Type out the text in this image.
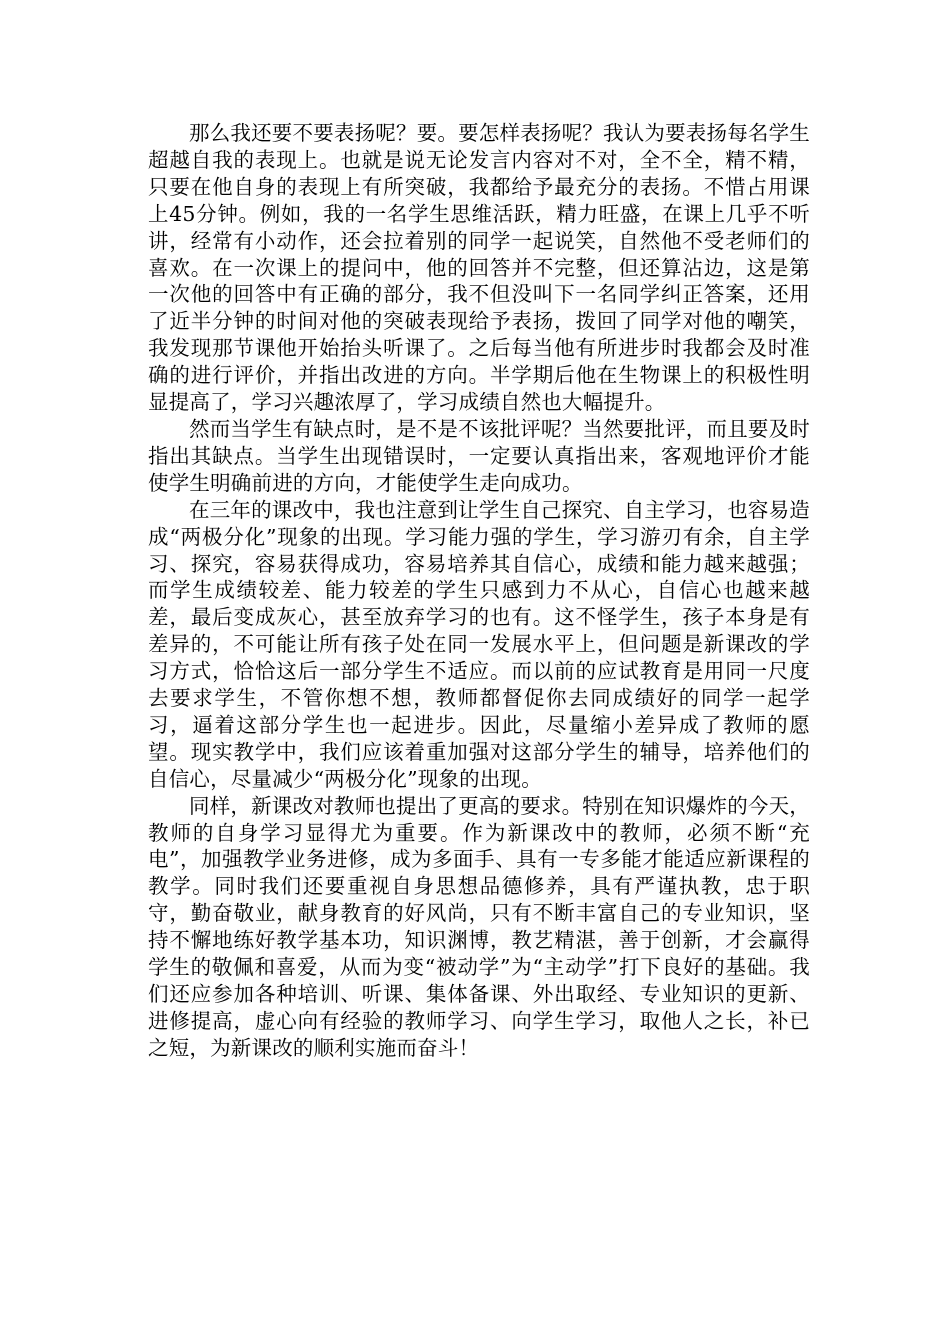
那么我还要不要表扬呢？要。要怎样表扬呢？我认为要表扬每名学生超越自我的表现上。也就是说无论发言内容对不对，全不全，精不精，只要在他自身的表现上有所突破，我都给予最充分的表扬。不惜占用课上45分钟。例如，我的一名学生思维活跃，精力旺盛，在课上几乎不听讲，经常有小动作，还会拉着别的同学一起说笑，自然他不受老师们的喜欢。在一次课上的提问中，他的回答并不完整，但还算沾边，这是第一次他的回答中有正确的部分，我不但没叫下一名同学纠正答案，还用了近半分钟的时间对他的突破表现给予表扬，拨回了同学对他的嘲笑，我发现那节课他开始抬头听课了。之后每当他有所进步时我都会及时准确的进行评价，并指出改进的方向。半学期后他在生物课上的积极性明显提高了，学习兴趣浓厚了，学习成绩自然也大幅提升。

然而当学生有缺点时，是不是不该批评呢？当然要批评，而且要及时指出其缺点。当学生出现错误时，一定要认真指出来，客观地评价才能使学生明确前进的方向，才能使学生走向成功。

在三年的课改中，我也注意到让学生自己探究、自主学习，也容易造成“两极分化”现象的出现。学习能力强的学生，学习游刃有余，自主学习、探究，容易获得成功，容易培养其自信心，成绩和能力越来越强；而学生成绩较差、能力较差的学生只感到力不从心，自信心也越来越差，最后变成灰心，甚至放弃学习的也有。这不怪学生，孩子本身是有差异的，不可能让所有孩子处在同一发展水平上，但问题是新课改的学习方式，恰恰这后一部分学生不适应。而以前的应试教育是用同一尺度去要求学生，不管你想不想，教师都督促你去同成绩好的同学一起学习，逼着这部分学生也一起进步。因此，尽量缩小差异成了教师的愿望。现实教学中，我们应该着重加强对这部分学生的辅导，培养他们的自信心，尽量减少“两极分化”现象的出现。

同样，新课改对教师也提出了更高的要求。特别在知识爆炸的今天，教师的自身学习显得尤为重要。作为新课改中的教师，必须不断“充电”，加强教学业务进修，成为多面手、具有一专多能才能适应新课程的教学。同时我们还要重视自身思想品德修养，具有严谨执教，忠于职守，勤奋敬业，献身教育的好风尚，只有不断丰富自己的专业知识，坚持不懈地练好教学基本功，知识渊博，教艺精湛，善于创新，才会赢得学生的敬佩和喜爱，从而为变“被动学”为“主动学”打下良好的基础。我们还应参加各种培训、听课、集体备课、外出取经、专业知识的更新、进修提高，虚心向有经验的教师学习、向学生学习，取他人之长，补已之短，为新课改的顺利实施而奋斗！
